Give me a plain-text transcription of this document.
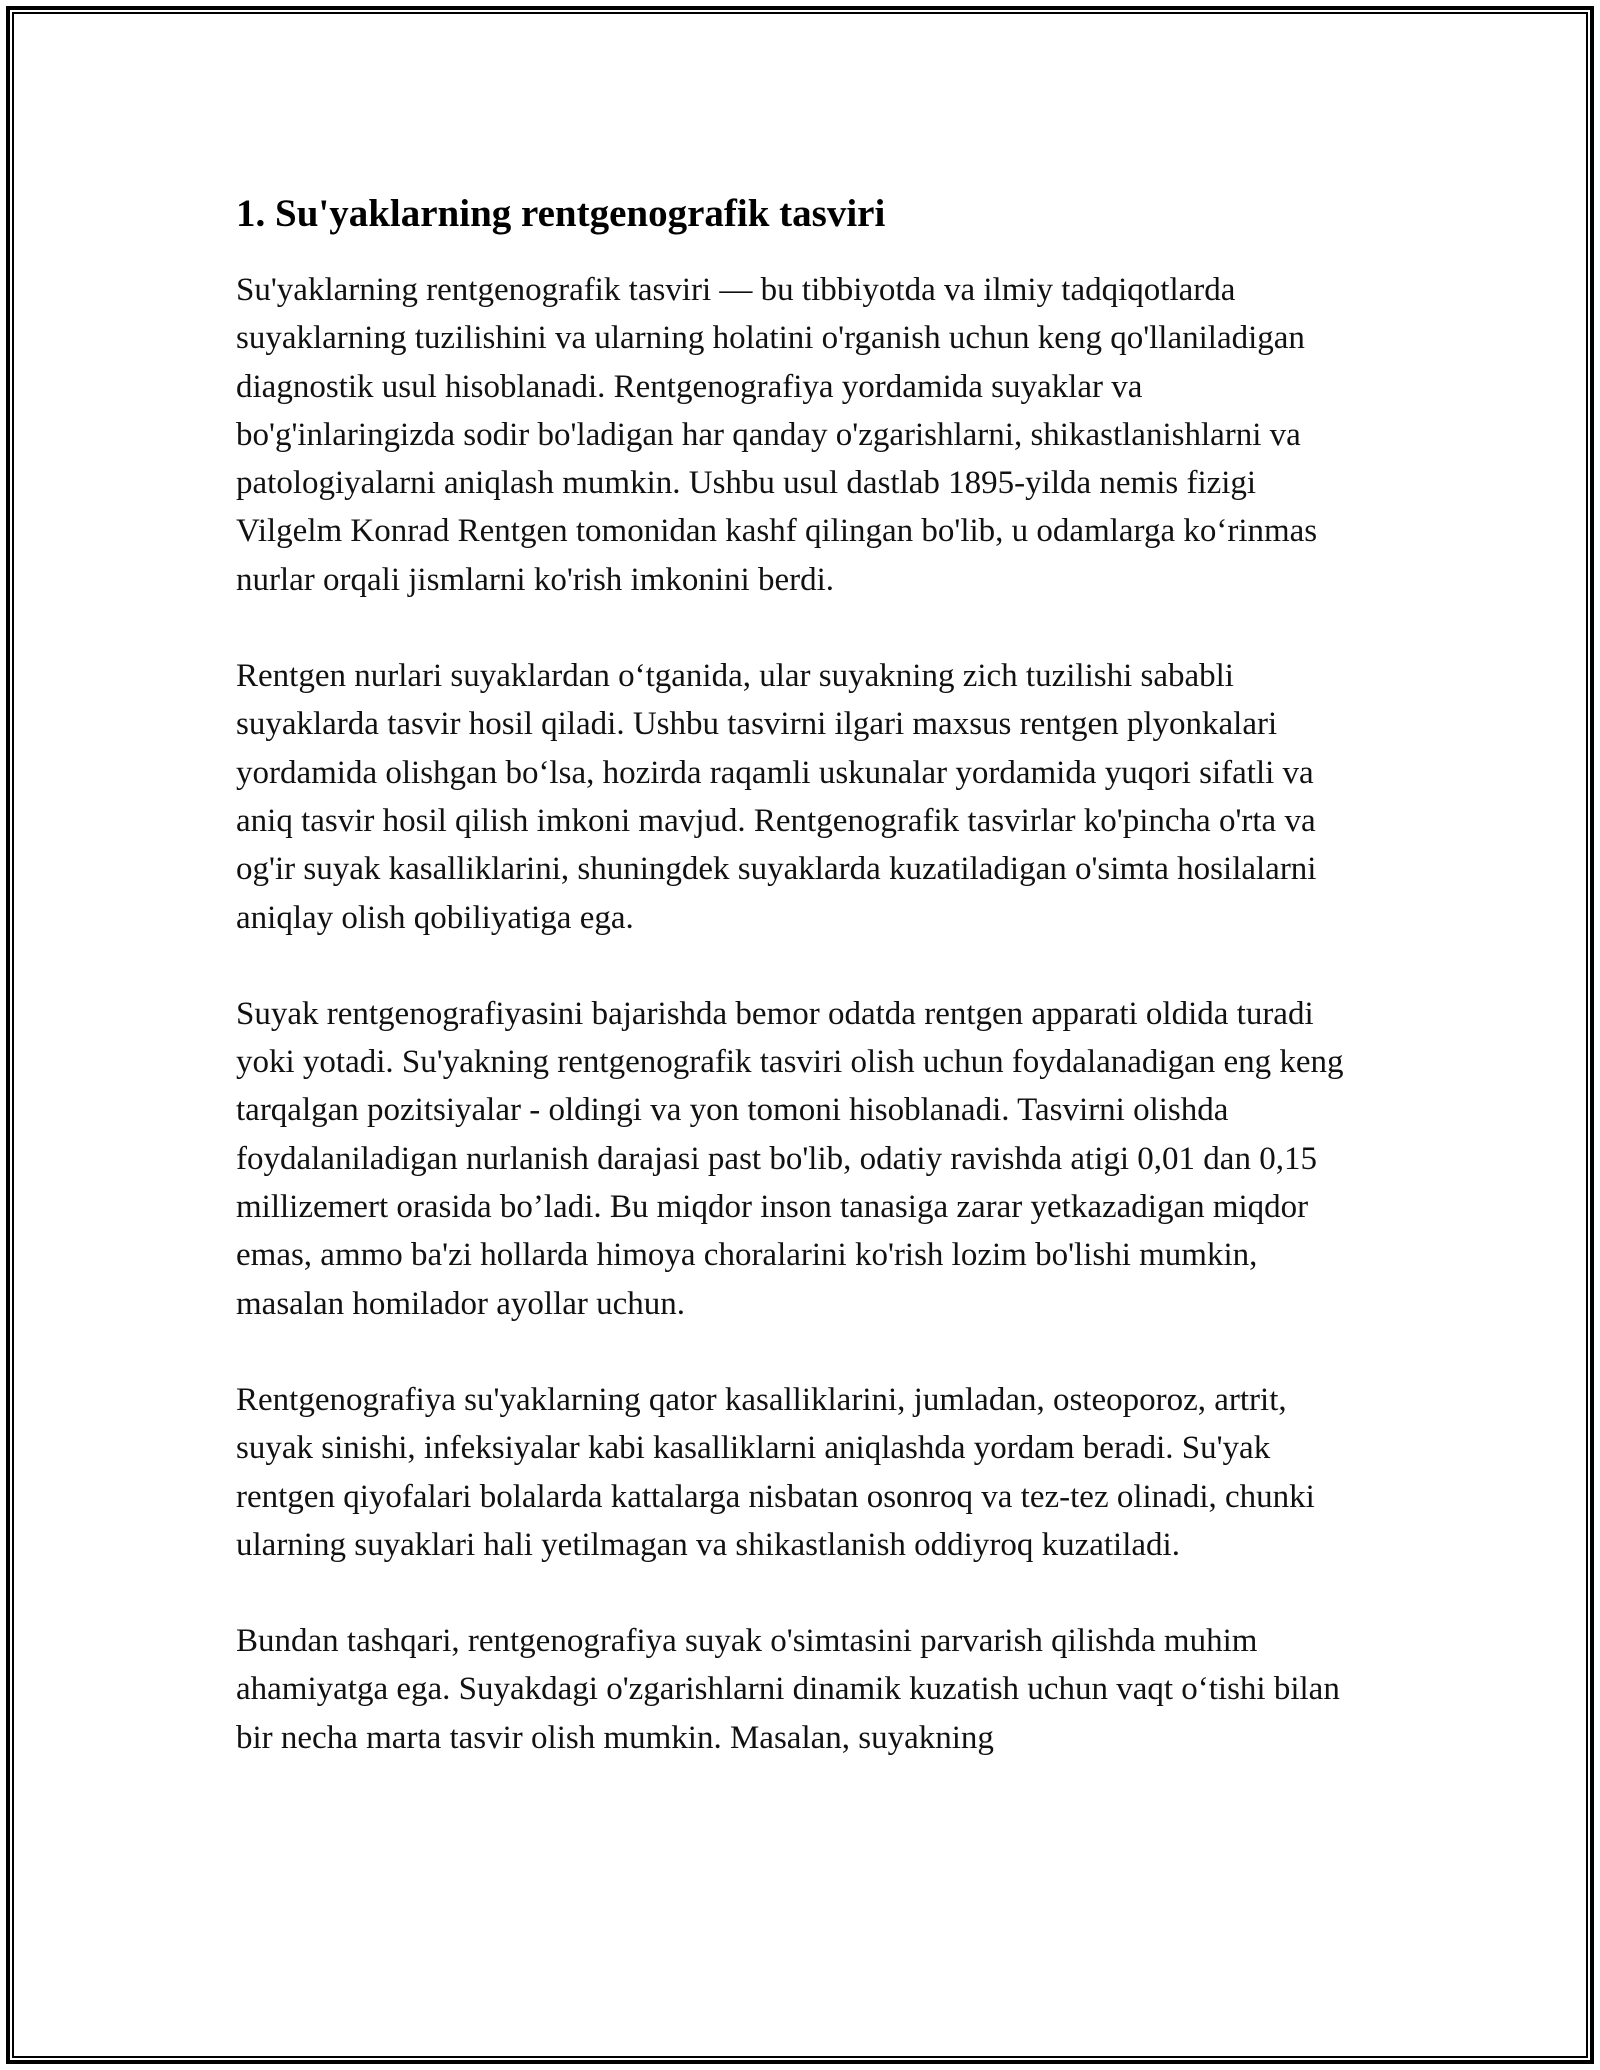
1. Su'yaklarning rentgenografik tasviri

Su'yaklarning rentgenografik tasviri — bu tibbiyotda va ilmiy tadqiqotlarda suyaklarning tuzilishini va ularning holatini o'rganish uchun keng qo'llaniladigan diagnostik usul hisoblanadi. Rentgenografiya yordamida suyaklar va bo'g'inlaringizda sodir bo'ladigan har qanday o'zgarishlarni, shikastlanishlarni va patologiyalarni aniqlash mumkin. Ushbu usul dastlab 1895-yilda nemis fizigi Vilgelm Konrad Rentgen tomonidan kashf qilingan bo'lib, u odamlarga ko‘rinmas nurlar orqali jismlarni ko'rish imkonini berdi.

Rentgen nurlari suyaklardan o‘tganida, ular suyakning zich tuzilishi sababli suyaklarda tasvir hosil qiladi. Ushbu tasvirni ilgari maxsus rentgen plyonkalari yordamida olishgan bo‘lsa, hozirda raqamli uskunalar yordamida yuqori sifatli va aniq tasvir hosil qilish imkoni mavjud. Rentgenografik tasvirlar ko'pincha o'rta va og'ir suyak kasalliklarini, shuningdek suyaklarda kuzatiladigan o'simta hosilalarni aniqlay olish qobiliyatiga ega.

Suyak rentgenografiyasini bajarishda bemor odatda rentgen apparati oldida turadi yoki yotadi. Su'yakning rentgenografik tasviri olish uchun foydalanadigan eng keng tarqalgan pozitsiyalar - oldingi va yon tomoni hisoblanadi. Tasvirni olishda foydalaniladigan nurlanish darajasi past bo'lib, odatiy ravishda atigi 0,01 dan 0,15 millizemert orasida bo’ladi. Bu miqdor inson tanasiga zarar yetkazadigan miqdor emas, ammo ba'zi hollarda himoya choralarini ko'rish lozim bo'lishi mumkin, masalan homilador ayollar uchun.

Rentgenografiya su'yaklarning qator kasalliklarini, jumladan, osteoporoz, artrit, suyak sinishi, infeksiyalar kabi kasalliklarni aniqlashda yordam beradi. Su'yak rentgen qiyofalari bolalarda kattalarga nisbatan osonroq va tez-tez olinadi, chunki ularning suyaklari hali yetilmagan va shikastlanish oddiyroq kuzatiladi.

Bundan tashqari, rentgenografiya suyak o'simtasini parvarish qilishda muhim ahamiyatga ega. Suyakdagi o'zgarishlarni dinamik kuzatish uchun vaqt o‘tishi bilan bir necha marta tasvir olish mumkin. Masalan, suyakning
